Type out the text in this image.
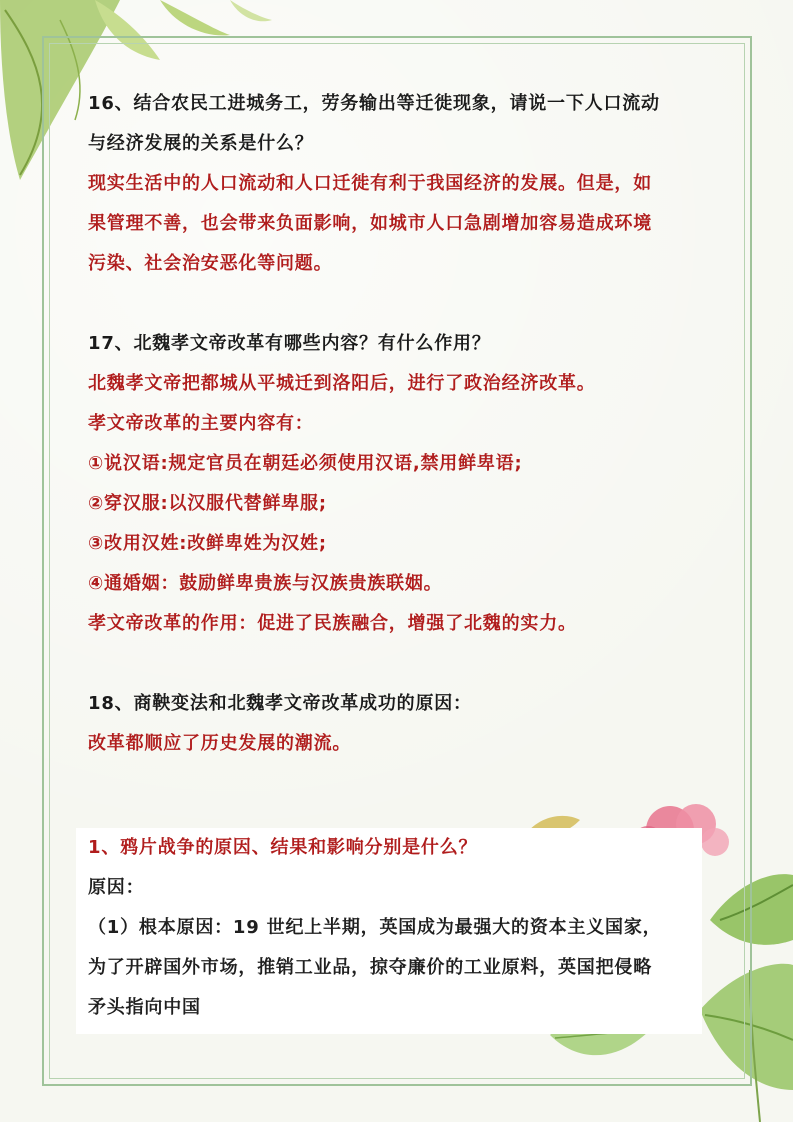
16、结合农民工进城务工，劳务输出等迁徙现象，请说一下人口流动

与经济发展的关系是什么？

现实生活中的人口流动和人口迁徙有利于我国经济的发展。但是，如

果管理不善，也会带来负面影响，如城市人口急剧增加容易造成环境

污染、社会治安恶化等问题。

17、北魏孝文帝改革有哪些内容？有什么作用？

北魏孝文帝把都城从平城迁到洛阳后，进行了政治经济改革。

孝文帝改革的主要内容有：

①说汉语:规定官员在朝廷必须使用汉语,禁用鲜卑语;

②穿汉服:以汉服代替鲜卑服;

③改用汉姓:改鲜卑姓为汉姓;

④通婚姻：鼓励鲜卑贵族与汉族贵族联姻。

孝文帝改革的作用：促进了民族融合，增强了北魏的实力。

18、商鞅变法和北魏孝文帝改革成功的原因：

改革都顺应了历史发展的潮流。

1、鸦片战争的原因、结果和影响分别是什么？

原因：

（1）根本原因：19 世纪上半期，英国成为最强大的资本主义国家，

为了开辟国外市场，推销工业品，掠夺廉价的工业原料，英国把侵略

矛头指向中国
